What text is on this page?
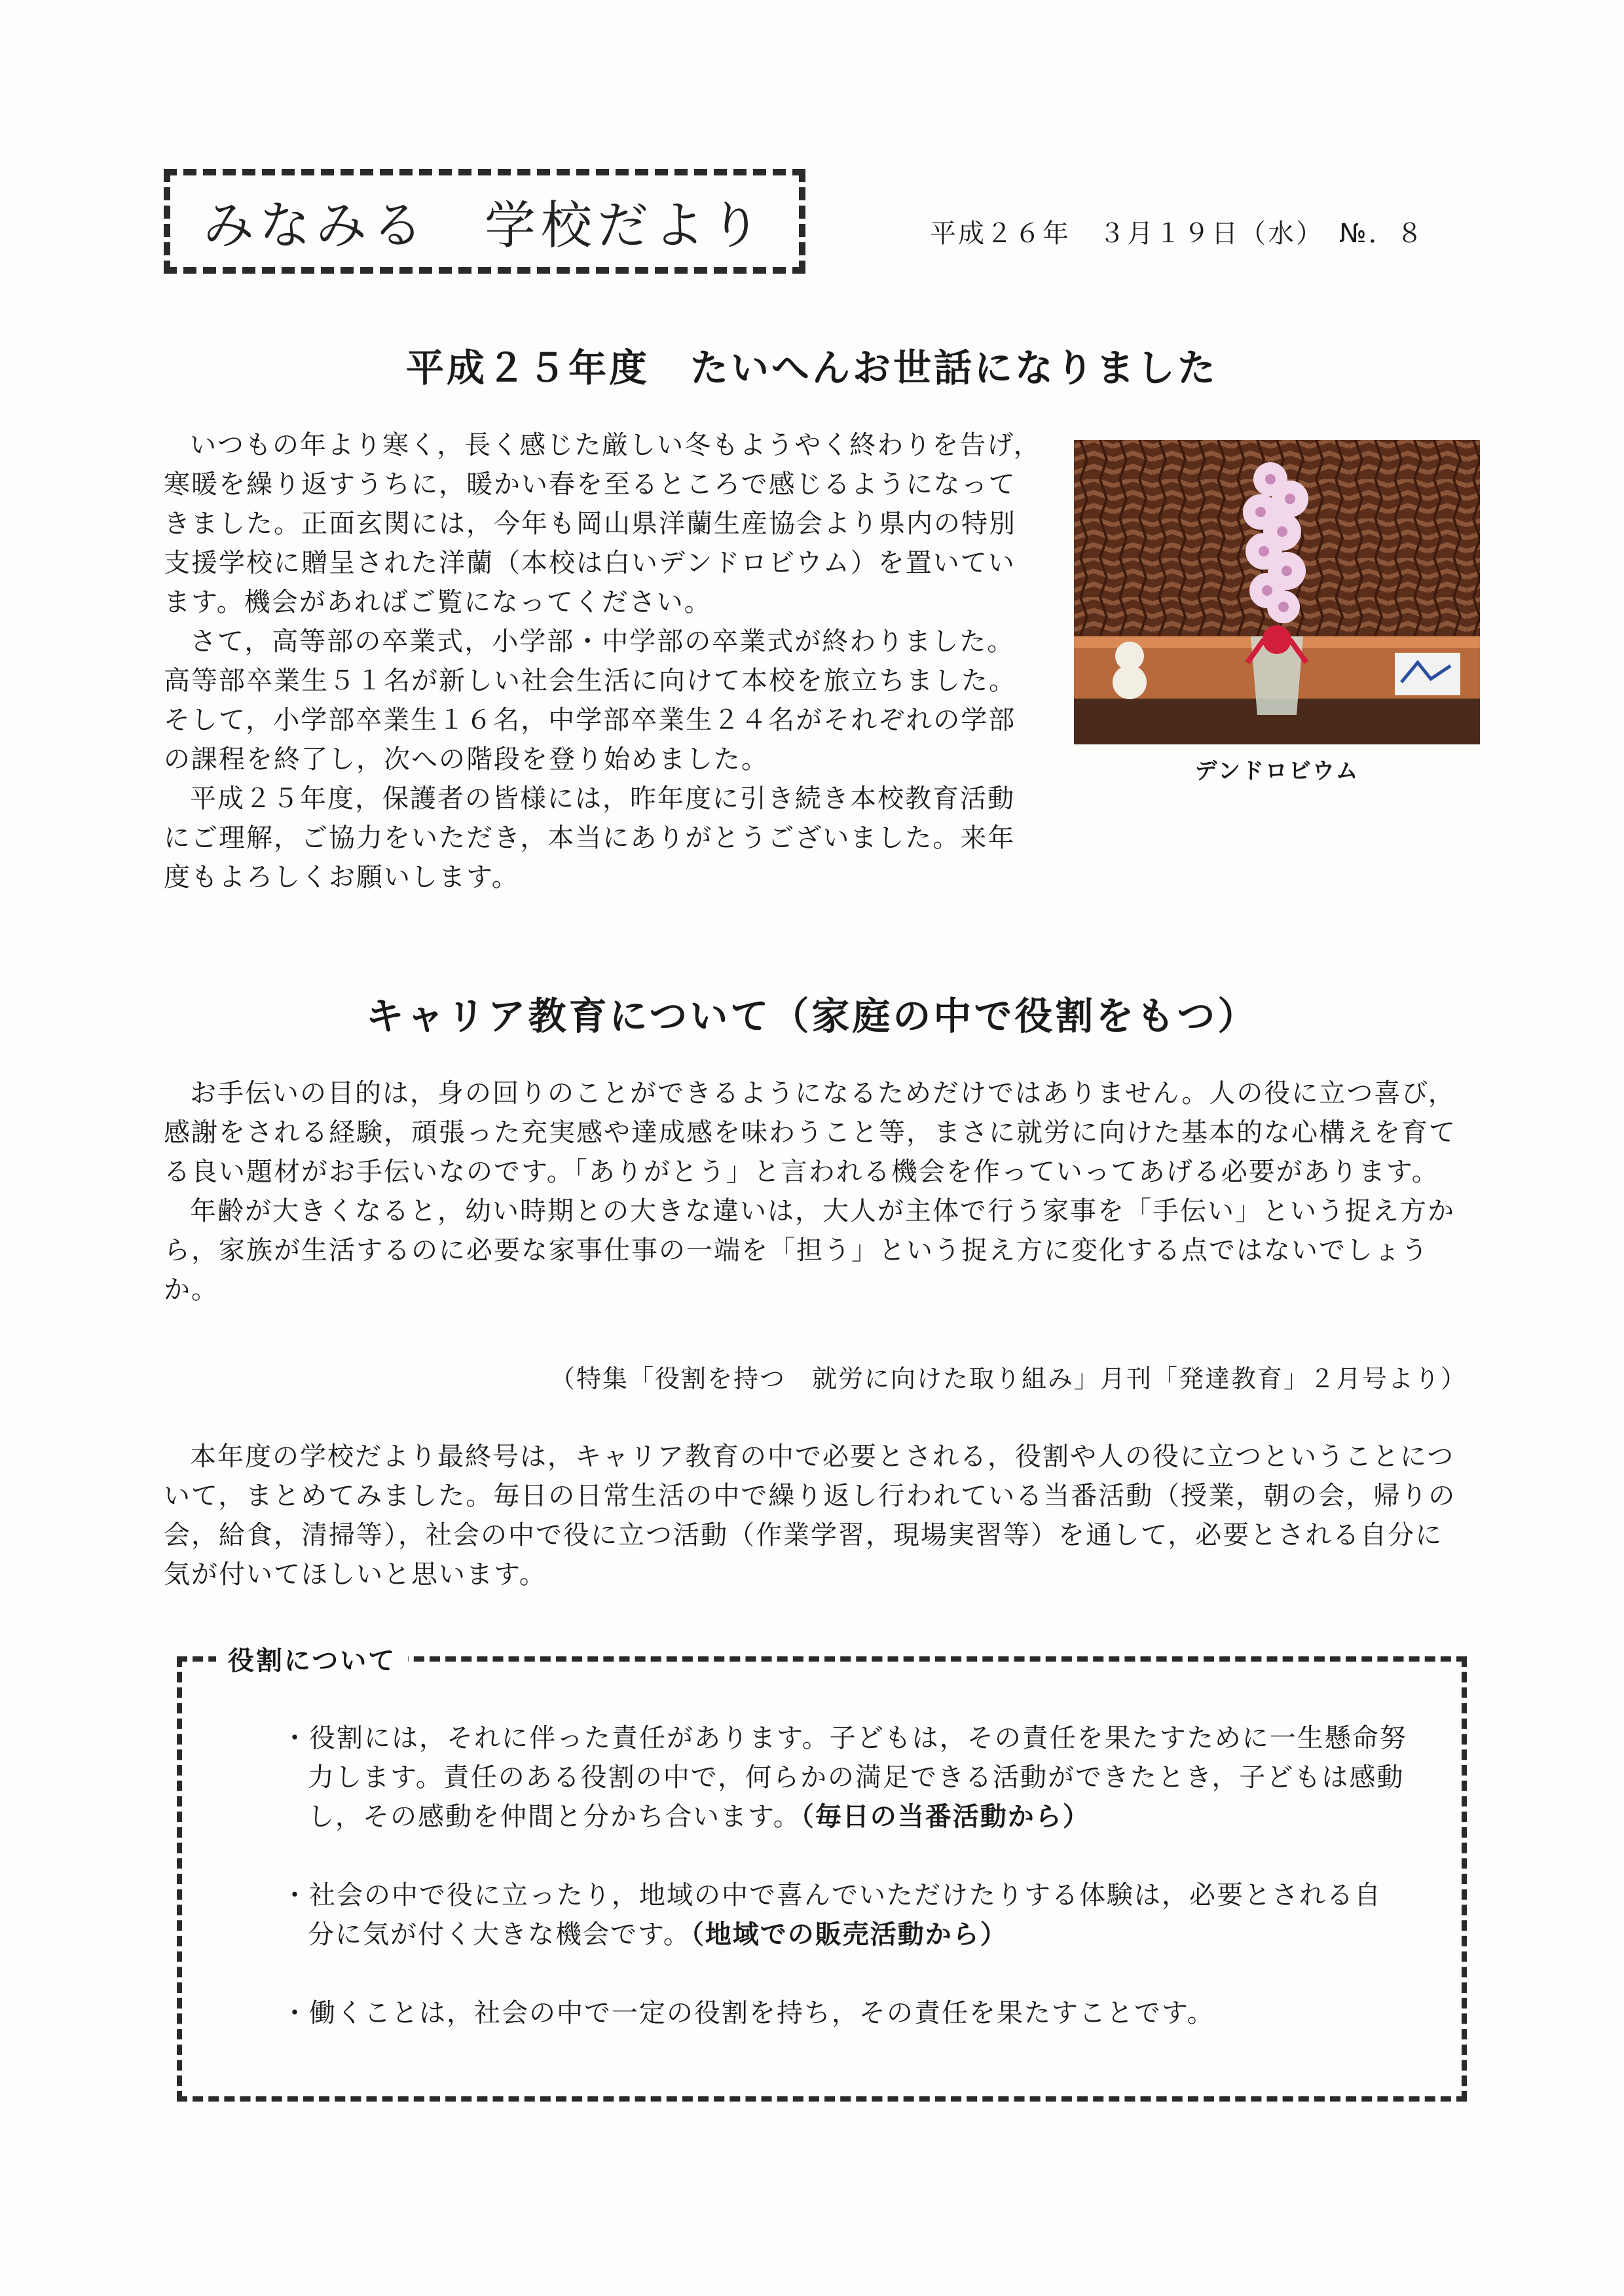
みなみる　学校だより	平成２６年　３月１９日（水）　№．８
平成２５年度　たいへんお世話になりました

いつもの年より寒く，長く感じた厳しい冬もようやく終わりを告げ，寒暖を繰り返すうちに，暖かい春を至るところで感じるようになってきました。正面玄関には，今年も岡山県洋蘭生産協会より県内の特別支援学校に贈呈された洋蘭（本校は白いデンドロビウム）を置いています。機会があればご覧になってください。

さて，高等部の卒業式，小学部・中学部の卒業式が終わりました。高等部卒業生５１名が新しい社会生活に向けて本校を旅立ちました。そして，小学部卒業生１６名，中学部卒業生２４名がそれぞれの学部の課程を終了し，次への階段を登り始めました。

平成２５年度，保護者の皆様には，昨年度に引き続き本校教育活動にご理解，ご協力をいただき，本当にありがとうございました。来年度もよろしくお願いします。

デンドロビウム
キャリア教育について（家庭の中で役割をもつ）

お手伝いの目的は，身の回りのことができるようになるためだけではありません。人の役に立つ喜び，感謝をされる経験，頑張った充実感や達成感を味わうこと等，まさに就労に向けた基本的な心構えを育てる良い題材がお手伝いなのです。「ありがとう」と言われる機会を作っていってあげる必要があります。

年齢が大きくなると，幼い時期との大きな違いは，大人が主体で行う家事を「手伝い」という捉え方から，家族が生活するのに必要な家事仕事の一端を「担う」という捉え方に変化する点ではないでしょうか。

（特集「役割を持つ　就労に向けた取り組み」月刊「発達教育」２月号より）

本年度の学校だより最終号は，キャリア教育の中で必要とされる，役割や人の役に立つということについて，まとめてみました。毎日の日常生活の中で繰り返し行われている当番活動（授業，朝の会，帰りの会，給食，清掃等），社会の中で役に立つ活動（作業学習，現場実習等）を通して，必要とされる自分に気が付いてほしいと思います。

役割について
・ 役割には，それに伴った責任があります。子どもは，その責任を果たすために一生懸命努力します。責任のある役割の中で，何らかの満足できる活動ができたとき，子どもは感動し，その感動を仲間と分かち合います。（毎日の当番活動から）
・ 社会の中で役に立ったり，地域の中で喜んでいただけたりする体験は，必要とされる自分に気が付く大きな機会です。（地域での販売活動から）
・ 働くことは，社会の中で一定の役割を持ち，その責任を果たすことです。
